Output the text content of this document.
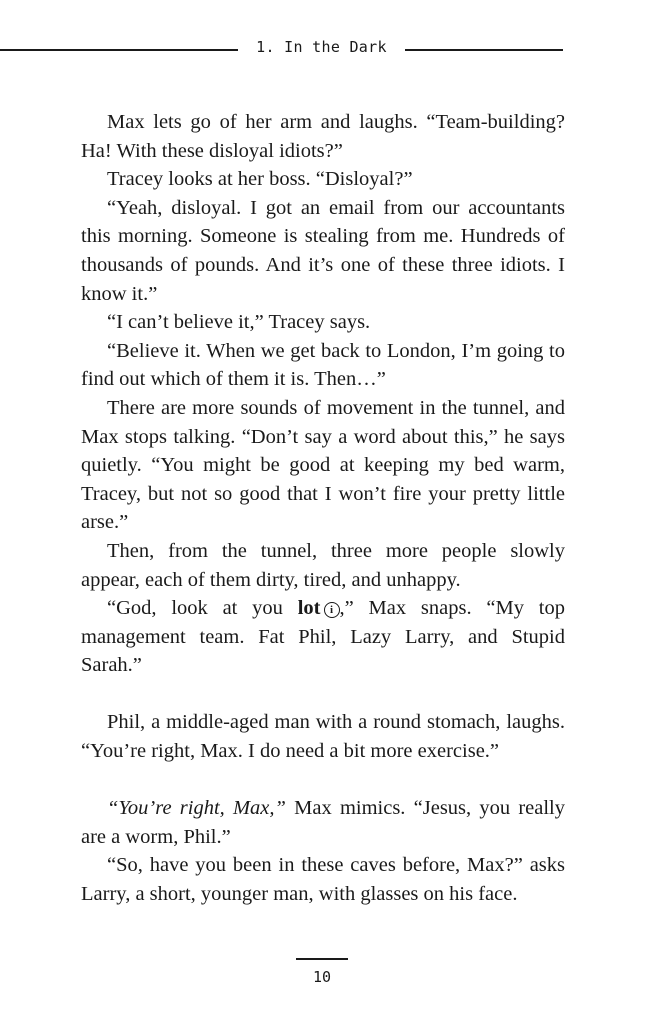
1. In the Dark

Max lets go of her arm and laughs. “Team-building? Ha! With these disloyal idiots?”

Tracey looks at her boss. “Disloyal?”

“Yeah, disloyal. I got an email from our accountants this morning. Someone is stealing from me. Hundreds of thousands of pounds. And it’s one of these three idiots. I know it.”

“I can’t believe it,” Tracey says.

“Believe it. When we get back to London, I’m going to find out which of them it is. Then…”

There are more sounds of movement in the tunnel, and Max stops talking. “Don’t say a word about this,” he says quietly. “You might be good at keeping my bed warm, Tracey, but not so good that I won’t fire your pretty little arse.”

Then, from the tunnel, three more people slowly appear, each of them dirty, tired, and unhappy.

“God, look at you lot i ,” Max snaps. “My top management team. Fat Phil, Lazy Larry, and Stupid Sarah.”

Phil, a middle-aged man with a round stomach, laughs. “You’re right, Max. I do need a bit more exercise.”

“You’re right, Max,” Max mimics. “Jesus, you really are a worm, Phil.”

“So, have you been in these caves before, Max?” asks Larry, a short, younger man, with glasses on his face.

10
